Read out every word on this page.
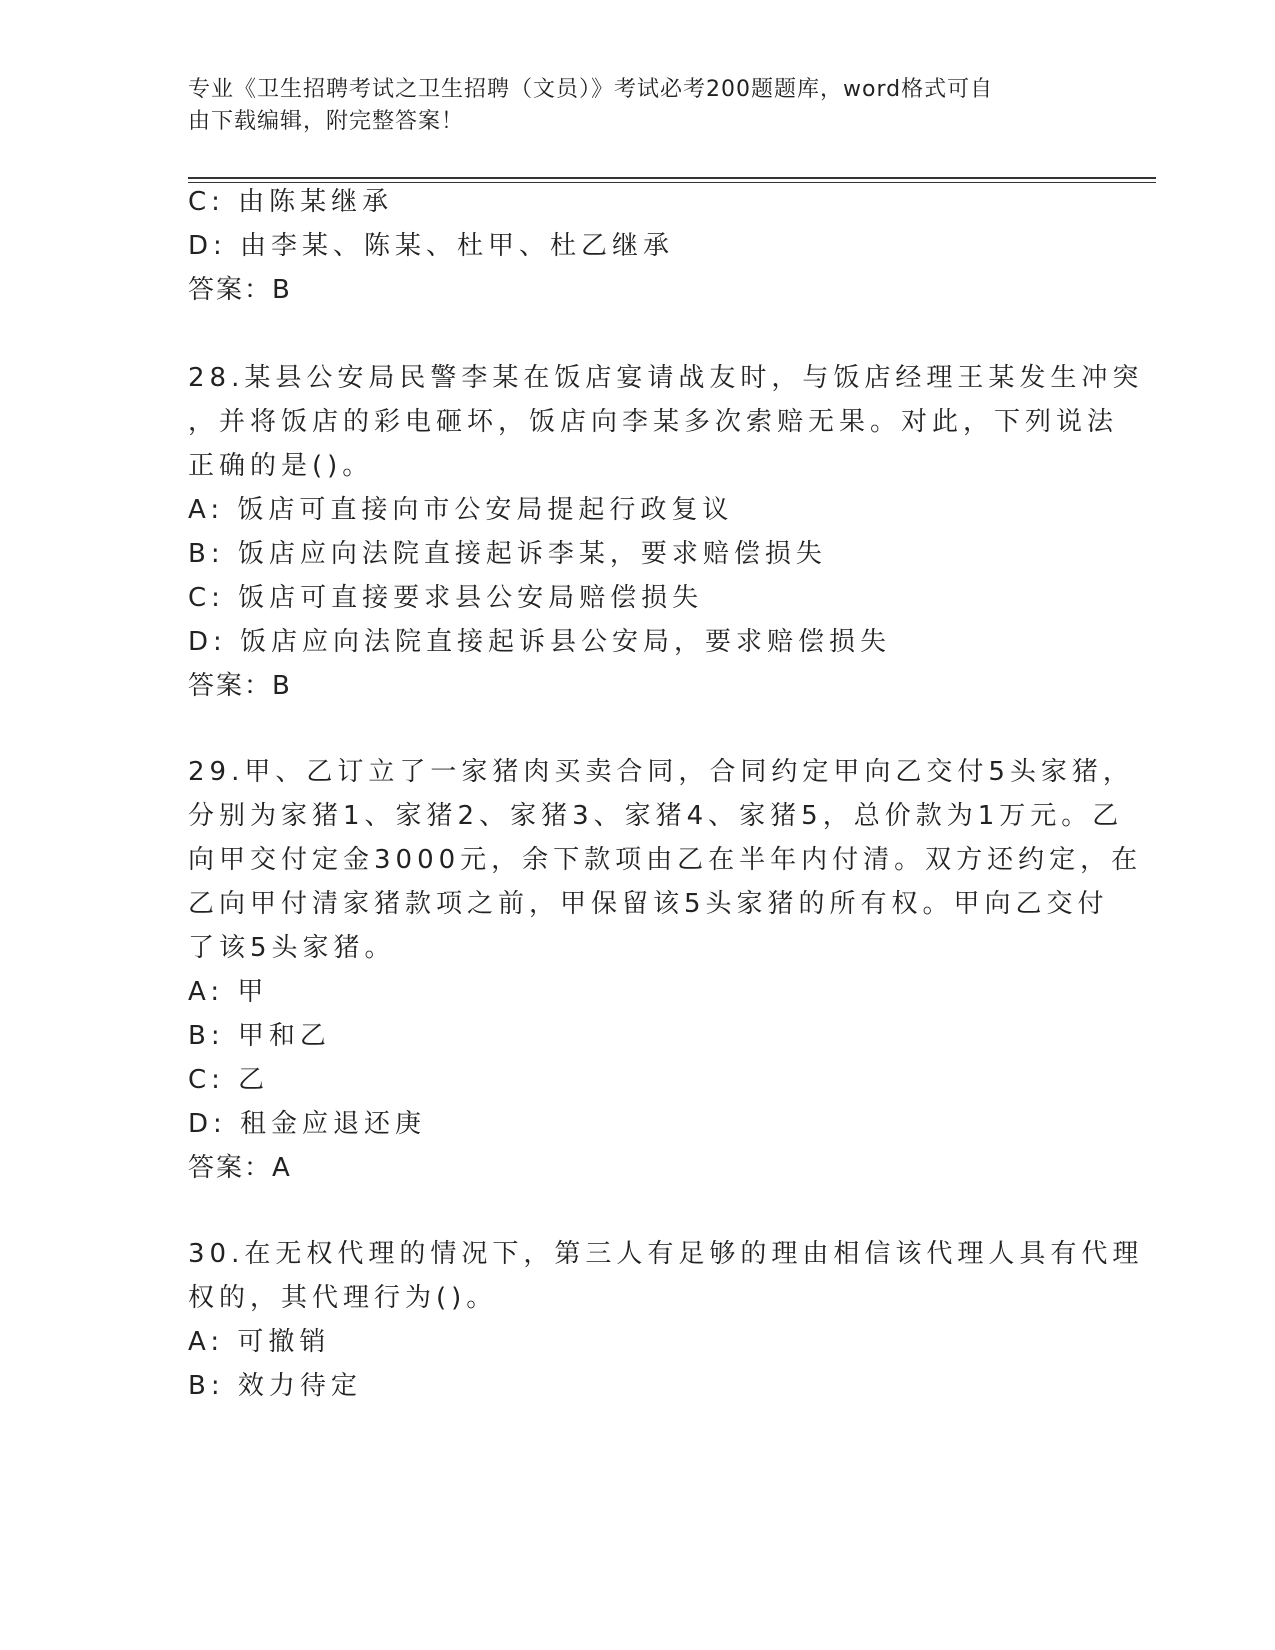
专业《卫生招聘考试之卫生招聘（文员）》考试必考200题题库，word格式可自
由下载编辑，附完整答案！
C: 由陈某继承
D: 由李某、陈某、杜甲、杜乙继承
答案：B
28.某县公安局民警李某在饭店宴请战友时，与饭店经理王某发生冲突
，并将饭店的彩电砸坏，饭店向李某多次索赔无果。对此，下列说法
正确的是()。
A: 饭店可直接向市公安局提起行政复议
B: 饭店应向法院直接起诉李某，要求赔偿损失
C: 饭店可直接要求县公安局赔偿损失
D: 饭店应向法院直接起诉县公安局，要求赔偿损失
答案：B
29.甲、乙订立了一家猪肉买卖合同，合同约定甲向乙交付5头家猪，
分别为家猪1、家猪2、家猪3、家猪4、家猪5，总价款为1万元。乙
向甲交付定金3000元，余下款项由乙在半年内付清。双方还约定，在
乙向甲付清家猪款项之前，甲保留该5头家猪的所有权。甲向乙交付
了该5头家猪。
A: 甲
B: 甲和乙
C: 乙
D: 租金应退还庚
答案：A
30.在无权代理的情况下，第三人有足够的理由相信该代理人具有代理
权的，其代理行为()。
A: 可撤销
B: 效力待定
